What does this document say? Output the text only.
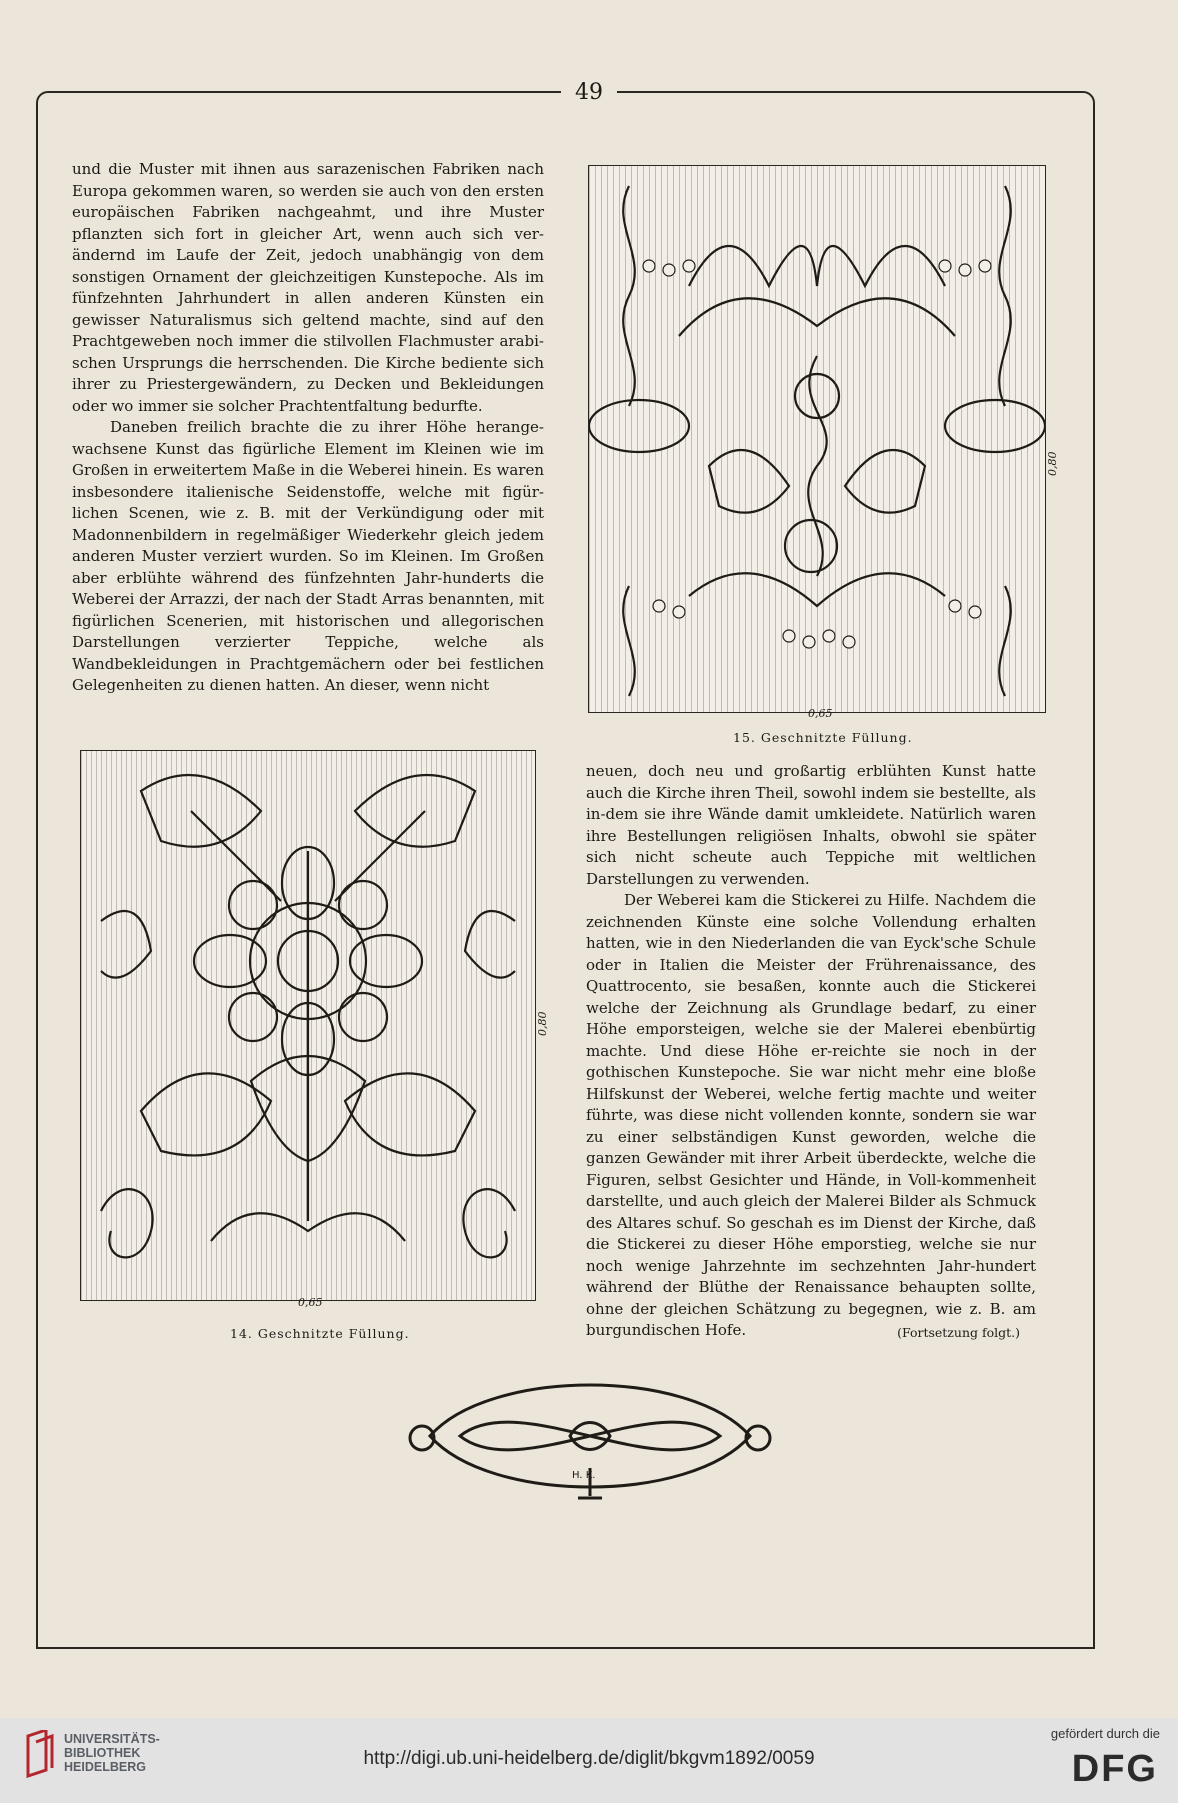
49

und die Muster mit ihnen aus sarazenischen Fabriken nach Europa gekommen waren, so werden sie auch von den ersten europäischen Fabriken nachgeahmt, und ihre Muster pflanzten sich fort in gleicher Art, wenn auch sich ver-ändernd im Laufe der Zeit, jedoch unabhängig von dem sonstigen Ornament der gleichzeitigen Kunstepoche. Als im fünfzehnten Jahrhundert in allen anderen Künsten ein gewisser Naturalismus sich geltend machte, sind auf den Prachtgeweben noch immer die stilvollen Flachmuster arabi-schen Ursprungs die herrschenden. Die Kirche bediente sich ihrer zu Priestergewändern, zu Decken und Bekleidungen oder wo immer sie solcher Prachtentfaltung bedurfte.

Daneben freilich brachte die zu ihrer Höhe herange-wachsene Kunst das figürliche Element im Kleinen wie im Großen in erweitertem Maße in die Weberei hinein. Es waren insbesondere italienische Seidenstoffe, welche mit figür-lichen Scenen, wie z. B. mit der Verkündigung oder mit Madonnenbildern in regelmäßiger Wiederkehr gleich jedem anderen Muster verziert wurden. So im Kleinen. Im Großen aber erblühte während des fünfzehnten Jahr-hunderts die Weberei der Arrazzi, der nach der Stadt Arras benannten, mit figürlichen Scenerien, mit historischen und allegorischen Darstellungen verzierter Teppiche, welche als Wandbekleidungen in Prachtgemächern oder bei festlichen Gelegenheiten zu dienen hatten. An dieser, wenn nicht

0,65
0,80
15. Geschnitzte Füllung.

neuen, doch neu und großartig erblühten Kunst hatte auch die Kirche ihren Theil, sowohl indem sie bestellte, als in-dem sie ihre Wände damit umkleidete. Natürlich waren ihre Bestellungen religiösen Inhalts, obwohl sie später sich nicht scheute auch Teppiche mit weltlichen Darstellungen zu verwenden.

Der Weberei kam die Stickerei zu Hilfe. Nachdem die zeichnenden Künste eine solche Vollendung erhalten hatten, wie in den Niederlanden die van Eyck'sche Schule oder in Italien die Meister der Frührenaissance, des Quattrocento, sie besaßen, konnte auch die Stickerei welche der Zeichnung als Grundlage bedarf, zu einer Höhe emporsteigen, welche sie der Malerei ebenbürtig machte. Und diese Höhe er-reichte sie noch in der gothischen Kunstepoche. Sie war nicht mehr eine bloße Hilfskunst der Weberei, welche fertig machte und weiter führte, was diese nicht vollenden konnte, sondern sie war zu einer selbständigen Kunst geworden, welche die ganzen Gewänder mit ihrer Arbeit überdeckte, welche die Figuren, selbst Gesichter und Hände, in Voll-kommenheit darstellte, und auch gleich der Malerei Bilder als Schmuck des Altares schuf. So geschah es im Dienst der Kirche, daß die Stickerei zu dieser Höhe emporstieg, welche sie nur noch wenige Jahrzehnte im sechzehnten Jahr-hundert während der Blüthe der Renaissance behaupten sollte, ohne der gleichen Schätzung zu begegnen, wie z. B. am burgundischen Hofe.	(Fortsetzung folgt.)
0,65
0,80
14. Geschnitzte Füllung.
H. K.
UNIVERSITÄTS-
BIBLIOTHEK
HEIDELBERG	http://digi.ub.uni-heidelberg.de/diglit/bkgvm1892/0059
gefördert durch die
DFG
